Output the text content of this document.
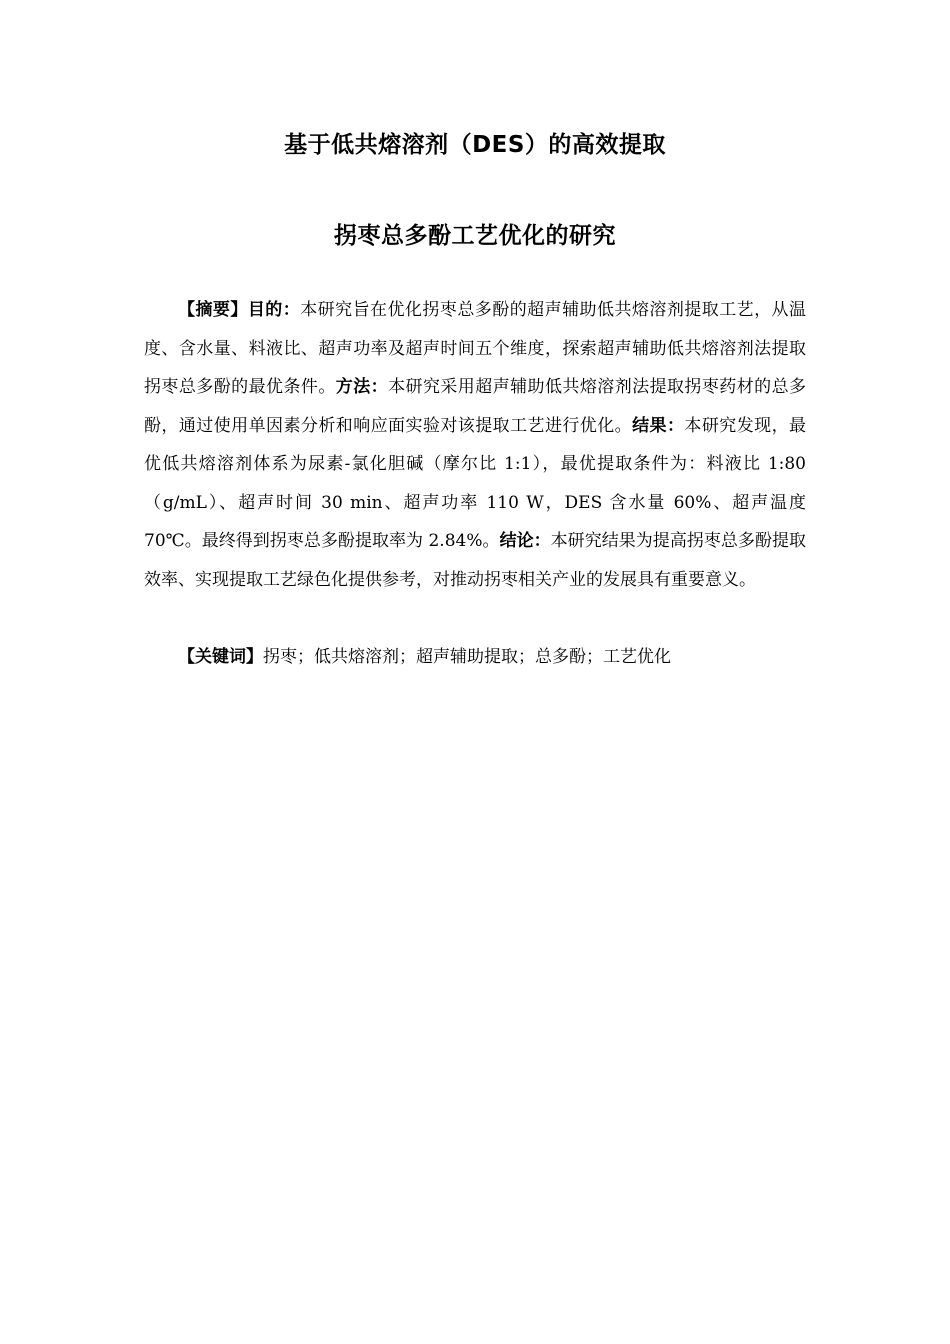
基于低共熔溶剂（DES）的高效提取
拐枣总多酚工艺优化的研究

【摘要】目的：本研究旨在优化拐枣总多酚的超声辅助低共熔溶剂提取工艺，从温度、含水量、料液比、超声功率及超声时间五个维度，探索超声辅助低共熔溶剂法提取拐枣总多酚的最优条件。方法：本研究采用超声辅助低共熔溶剂法提取拐枣药材的总多酚，通过使用单因素分析和响应面实验对该提取工艺进行优化。结果：本研究发现，最优低共熔溶剂体系为尿素-氯化胆碱（摩尔比 1:1），最优提取条件为：料液比 1:80（g/mL）、超声时间 30 min、超声功率 110 W，DES 含水量 60%、超声温度 70℃。最终得到拐枣总多酚提取率为 2.84%。结论：本研究结果为提高拐枣总多酚提取效率、实现提取工艺绿色化提供参考，对推动拐枣相关产业的发展具有重要意义。

【关键词】拐枣；低共熔溶剂；超声辅助提取；总多酚；工艺优化
